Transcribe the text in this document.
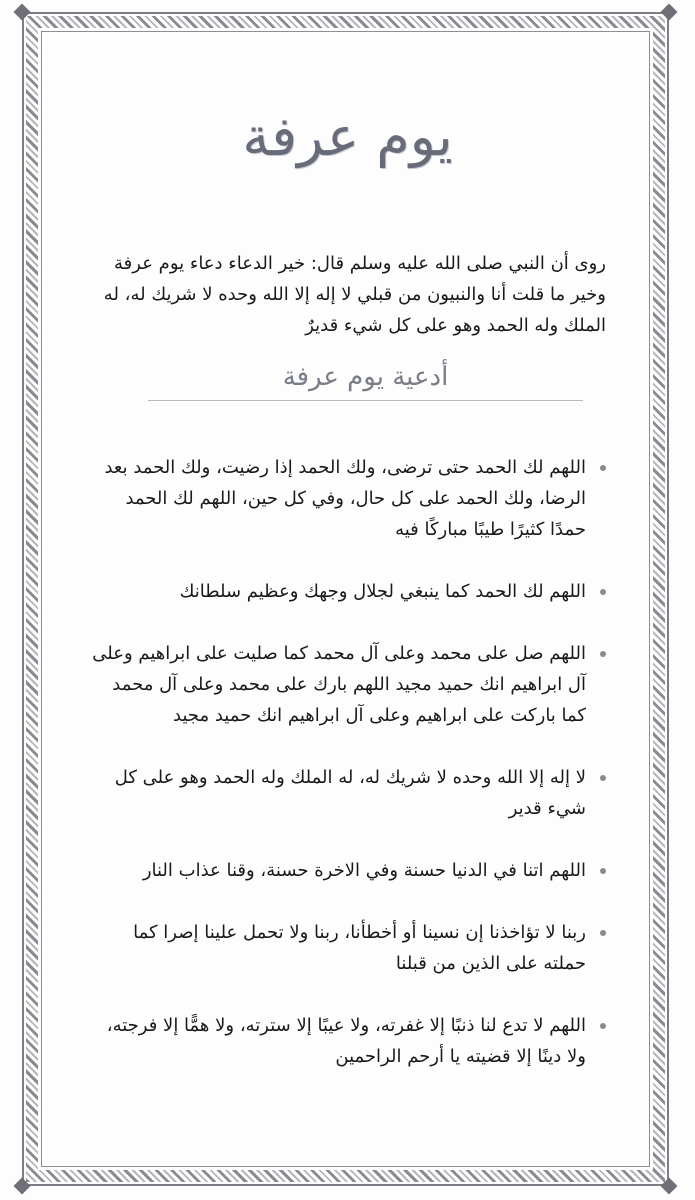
يوم عرفة
روى أن النبي صلى الله عليه وسلم قال: خير الدعاء دعاء يوم عرفة وخير ما قلت أنا والنبيون من قبلي لا إله إلا الله وحده لا شريك له، له الملك وله الحمد وهو على كل شيء قديرٌ
أدعية يوم عرفة
اللهم لك الحمد حتى ترضى، ولك الحمد إذا رضيت، ولك الحمد بعد الرضا، ولك الحمد على كل حال، وفي كل حين، اللهم لك الحمد حمدًا كثيرًا طيبًا مباركًا فيه
اللهم لك الحمد كما ينبغي لجلال وجهك وعظيم سلطانك
اللهم صل على محمد وعلى آل محمد كما صليت على ابراهيم وعلى آل ابراهيم انك حميد مجيد اللهم بارك على محمد وعلى آل محمد كما باركت على ابراهيم وعلى آل ابراهيم انك حميد مجيد
لا إله إلا الله وحده لا شريك له، له الملك وله الحمد وهو على كل شيء قدير
اللهم اتنا في الدنيا حسنة وفي الاخرة حسنة، وقنا عذاب النار
ربنا لا تؤاخذنا إن نسينا أو أخطأنا، ربنا ولا تحمل علينا إصرا كما حملته على الذين من قبلنا
اللهم لا تدع لنا ذنبًا إلا غفرته، ولا عيبًا إلا سترته، ولا همًّا إلا فرجته، ولا دينًا إلا قضيته يا أرحم الراحمين
